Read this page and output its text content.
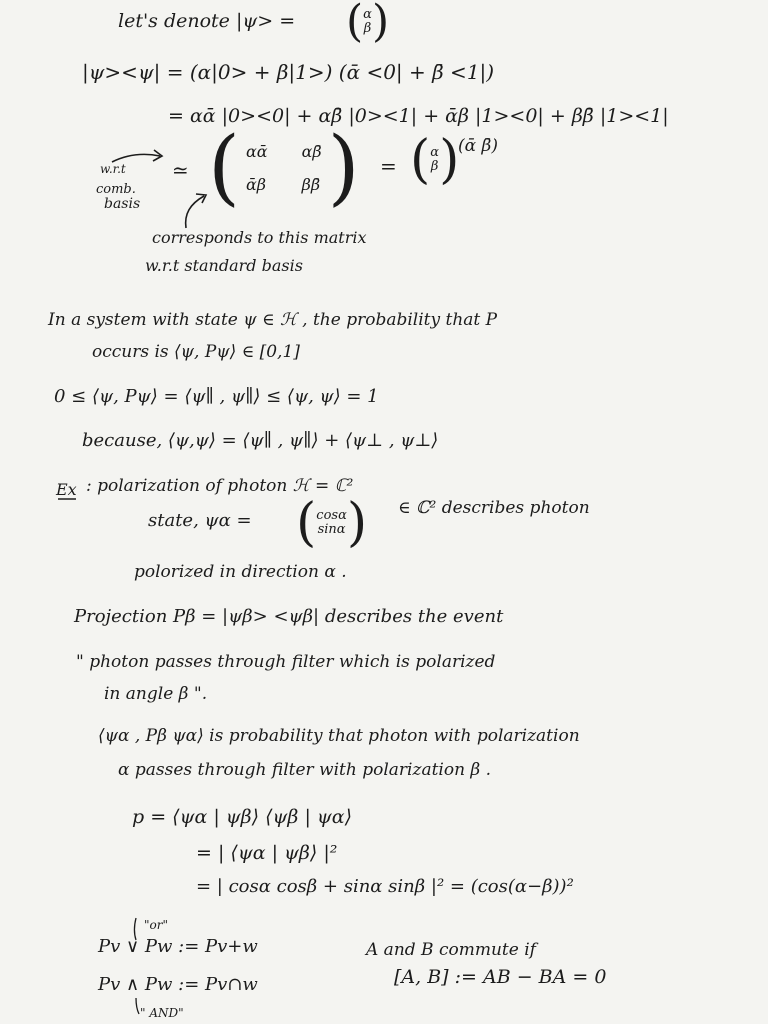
let's denote |ψ> = ( α
β )
|ψ><ψ| = (α|0> + β|1>) (ᾱ <0| + β̄ <1|)
= αᾱ |0><0| + αβ̄ |0><1| + ᾱβ |1><0| + ββ̄ |1><1|
w.r.t ≃
comb.
basis ( αᾱ αβ̄
ᾱβ ββ̄ ) = ( α
β )
(ᾱ β̄)
corresponds to this matrix
w.r.t standard basis
In a system with state ψ ∈ ℋ , the probability that P
occurs is ⟨ψ, Pψ⟩ ∈ [0,1]
0 ≤ ⟨ψ, Pψ⟩ = ⟨ψ∥ , ψ∥⟩ ≤ ⟨ψ, ψ⟩ = 1
because, ⟨ψ,ψ⟩ = ⟨ψ∥ , ψ∥⟩ + ⟨ψ⊥ , ψ⊥⟩
Ex : polarization of photon ℋ = ℂ²
state, ψα = ( cosα
sinα ) ∈ ℂ² describes photon
polorized in direction α .
Projection Pβ = |ψβ> <ψβ| describes the event
" photon passes through filter which is polarized
in angle β ".
⟨ψα , Pβ ψα⟩ is probability that photon with polarization
α passes through filter with polarization β .
p = ⟨ψα | ψβ⟩ ⟨ψβ | ψα⟩
= | ⟨ψα | ψβ⟩ |²
= | cosα cosβ + sinα sinβ |² = (cos(α−β))²
"or"
Pv ∨ Pw := Pv+w
Pv ∧ Pw := Pv∩w
" AND"
A and B commute if
[A, B] := AB − BA = 0
